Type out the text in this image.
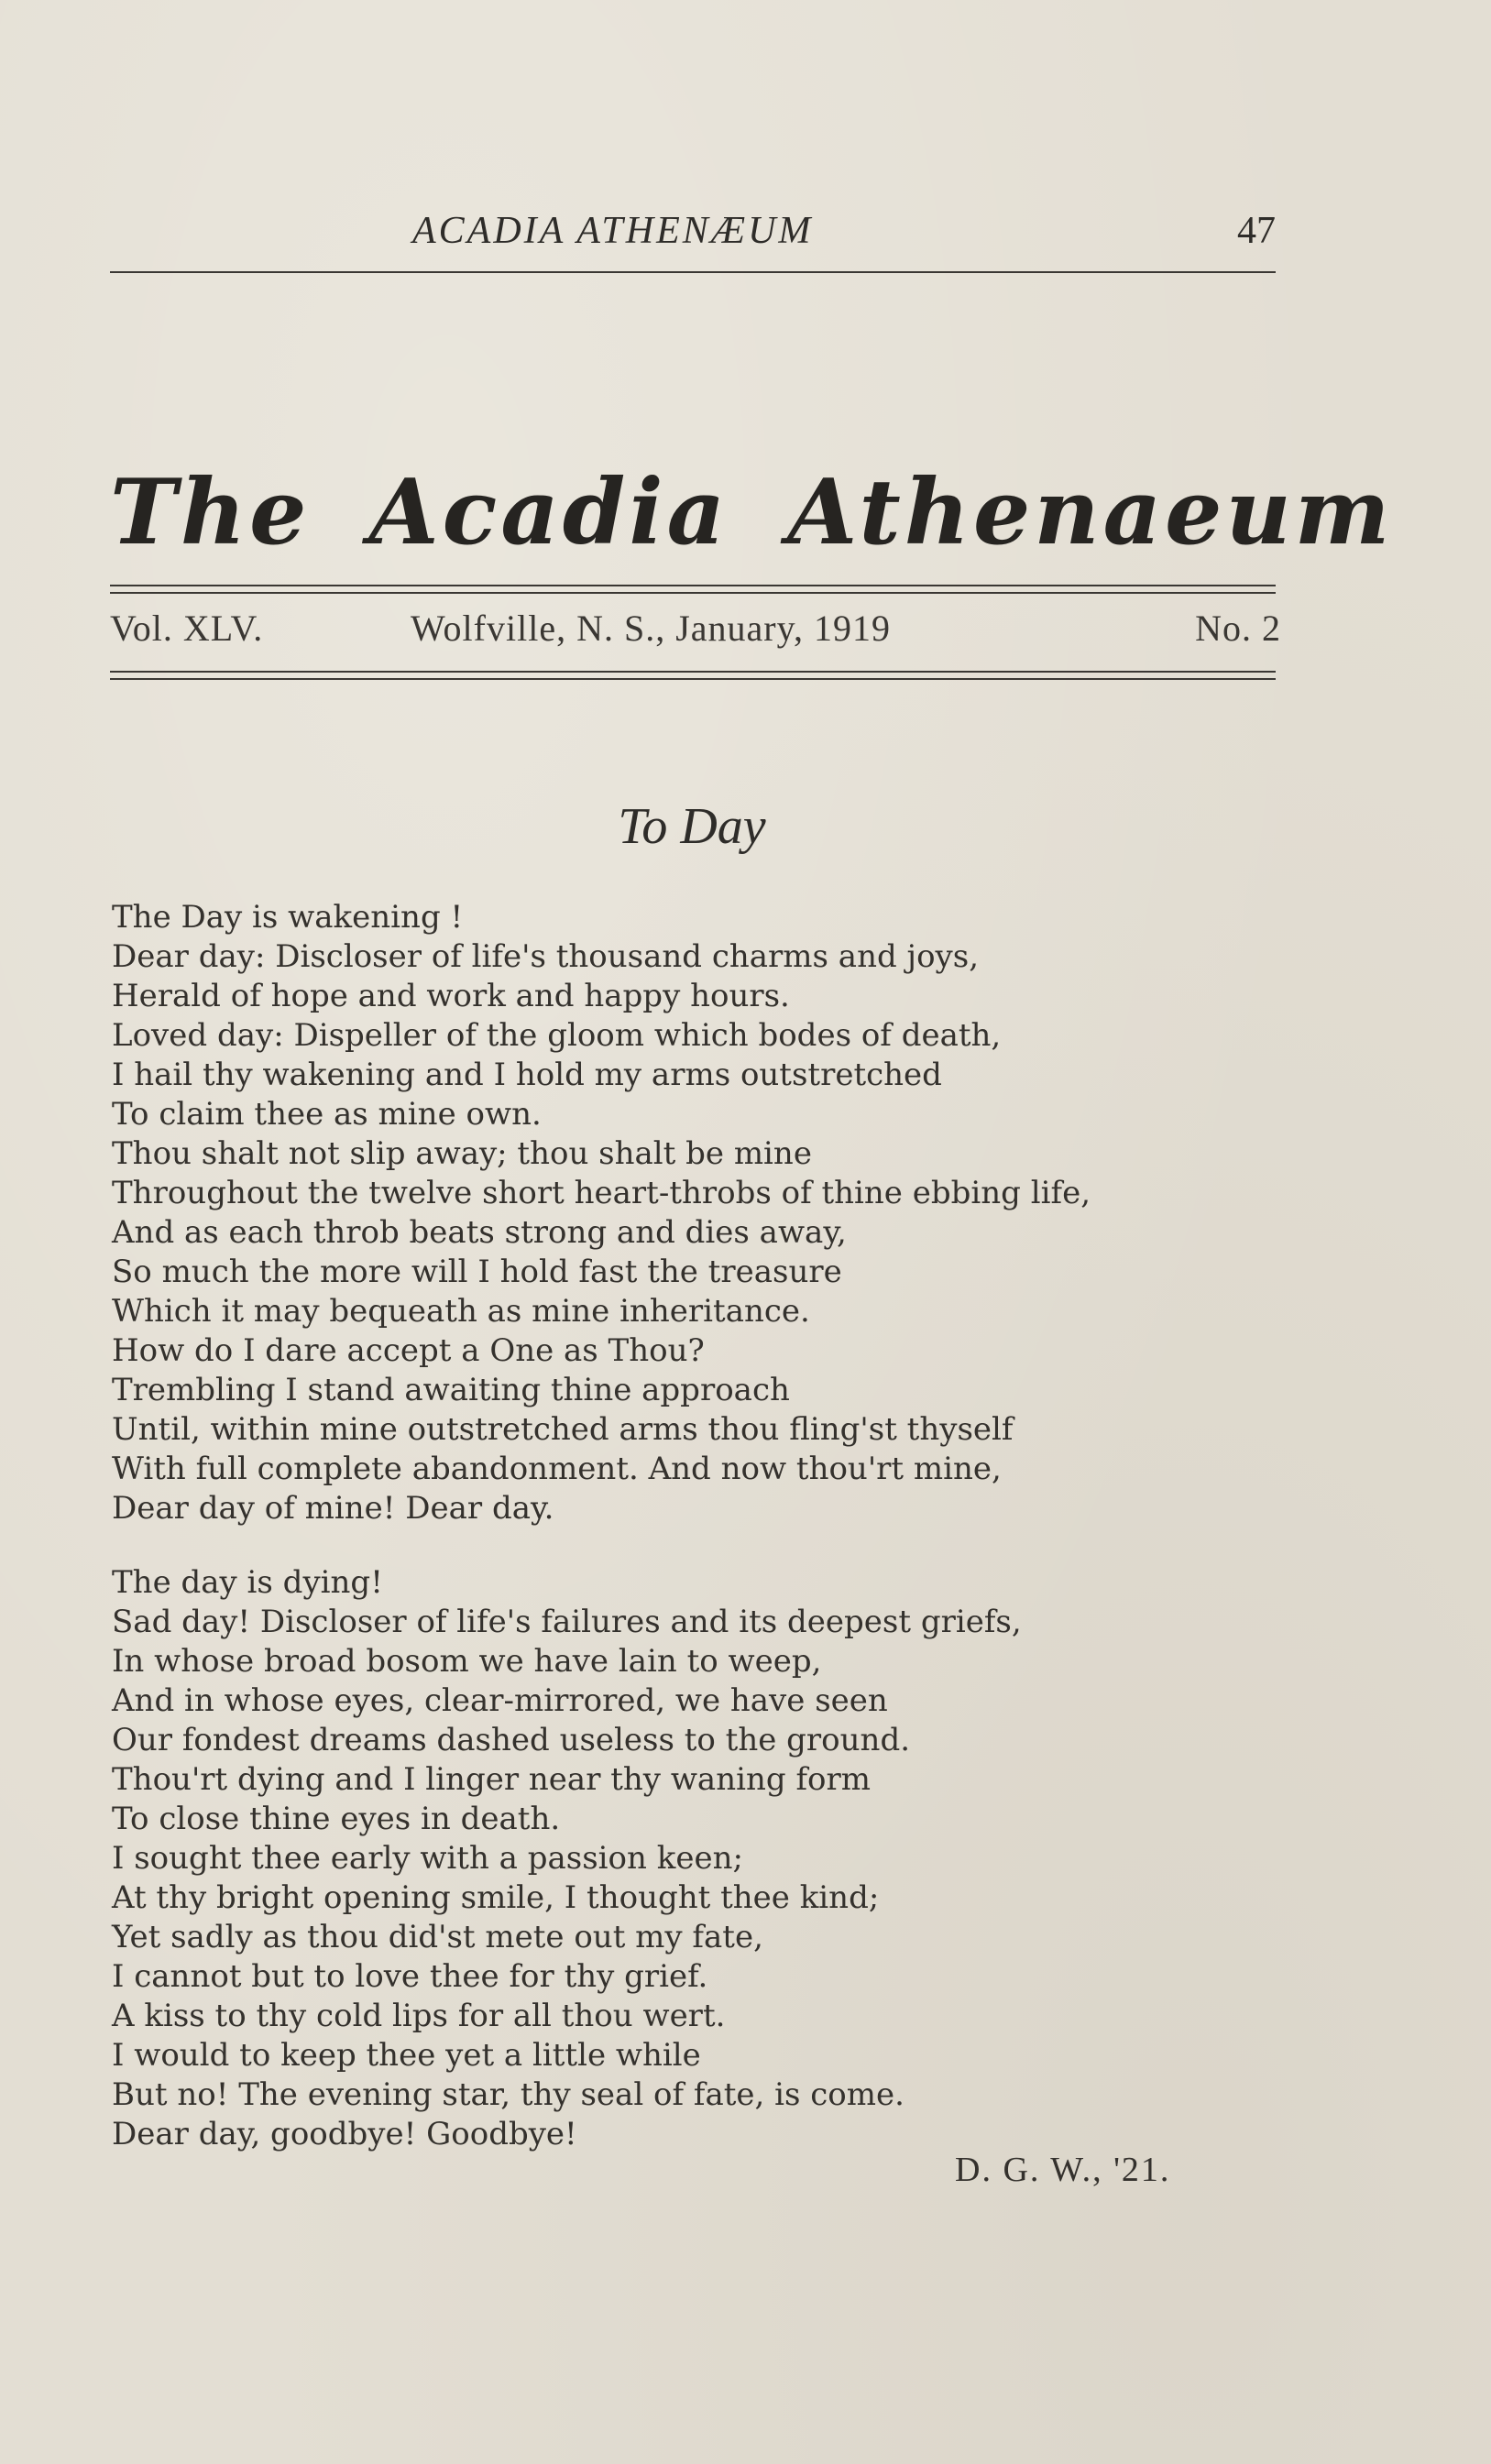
ACADIA ATHENÆUM	47
The Acadia Athenaeum
Vol. XLV.	Wolfville, N. S., January, 1919	No. 2
To Day
The Day is wakening !
Dear day: Discloser of life's thousand charms and joys,
Herald of hope and work and happy hours.
Loved day: Dispeller of the gloom which bodes of death,
I hail thy wakening and I hold my arms outstretched
To claim thee as mine own.
Thou shalt not slip away; thou shalt be mine
Throughout the twelve short heart-throbs of thine ebbing life,
And as each throb beats strong and dies away,
So much the more will I hold fast the treasure
Which it may bequeath as mine inheritance.
How do I dare accept a One as Thou?
Trembling I stand awaiting thine approach
Until, within mine outstretched arms thou fling'st thyself
With full complete abandonment. And now thou'rt mine,
Dear day of mine! Dear day.
The day is dying!
Sad day! Discloser of life's failures and its deepest griefs,
In whose broad bosom we have lain to weep,
And in whose eyes, clear-mirrored, we have seen
Our fondest dreams dashed useless to the ground.
Thou'rt dying and I linger near thy waning form
To close thine eyes in death.
I sought thee early with a passion keen;
At thy bright opening smile, I thought thee kind;
Yet sadly as thou did'st mete out my fate,
I cannot but to love thee for thy grief.
A kiss to thy cold lips for all thou wert.
I would to keep thee yet a little while
But no! The evening star, thy seal of fate, is come.
Dear day, goodbye! Goodbye!
D. G. W., '21.
